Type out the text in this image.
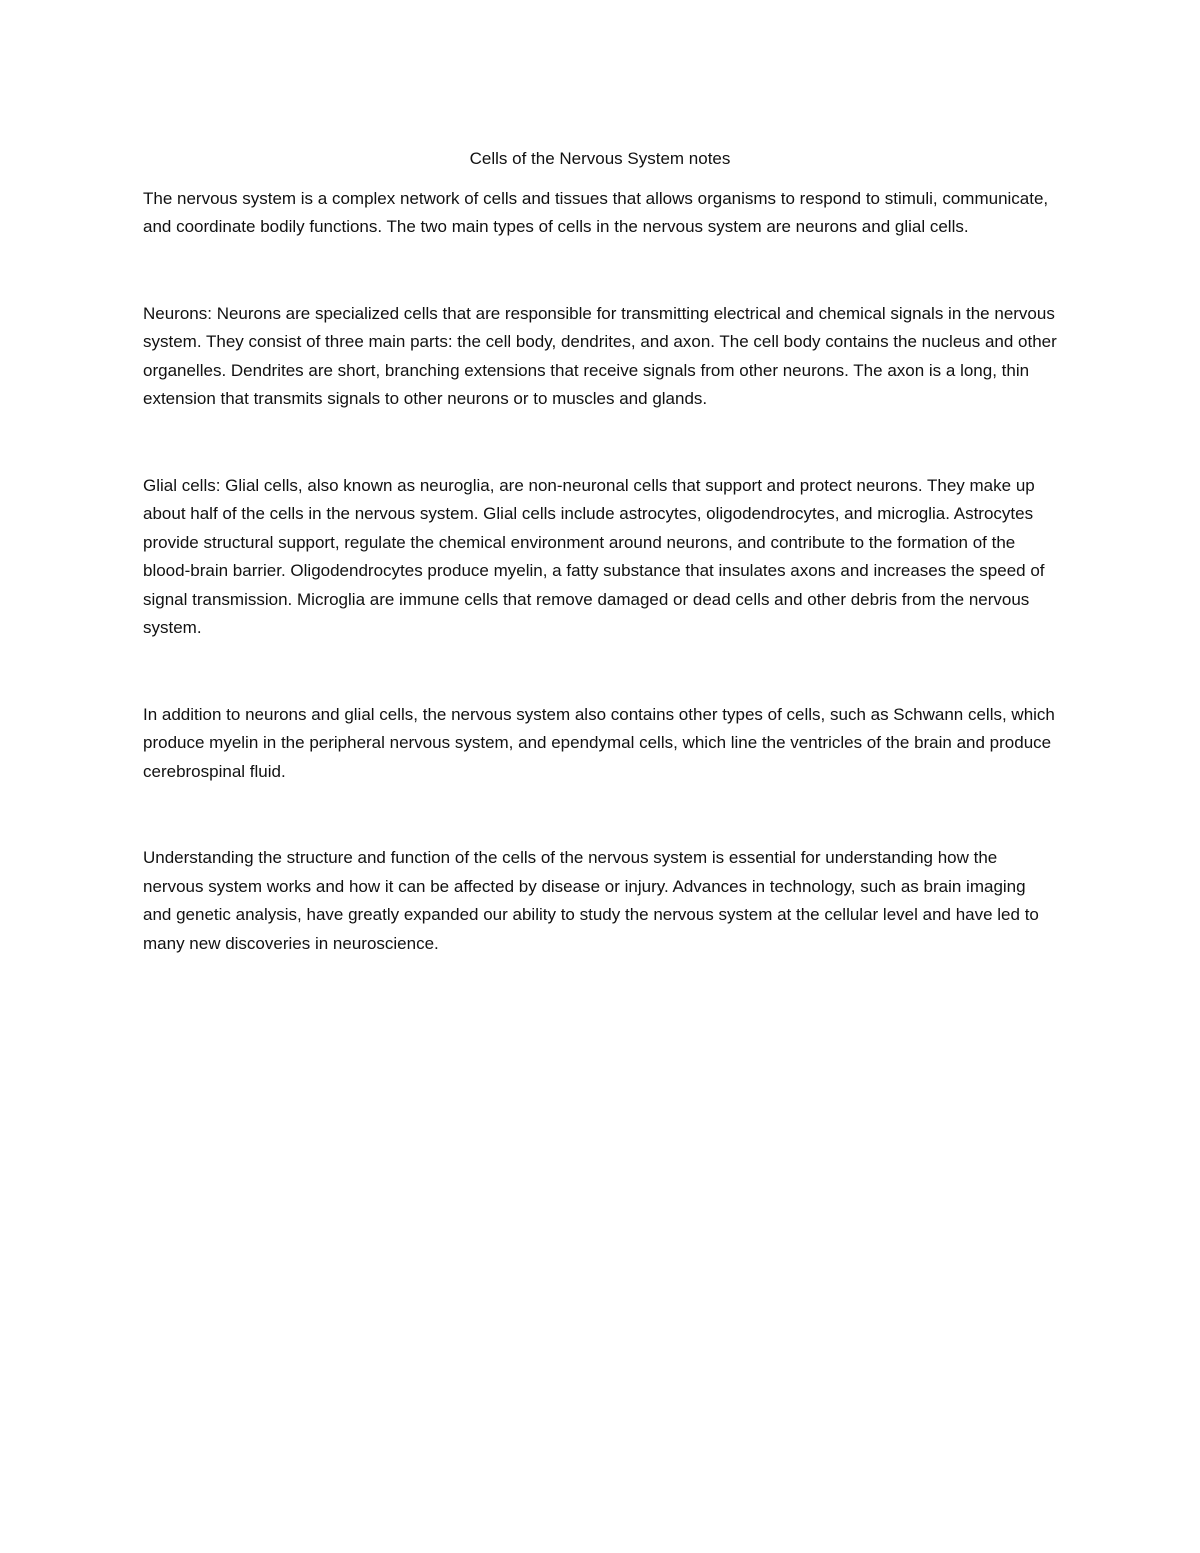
Cells of the Nervous System notes

The nervous system is a complex network of cells and tissues that allows organisms to respond to stimuli, communicate, and coordinate bodily functions. The two main types of cells in the nervous system are neurons and glial cells.

Neurons: Neurons are specialized cells that are responsible for transmitting electrical and chemical signals in the nervous system. They consist of three main parts: the cell body, dendrites, and axon. The cell body contains the nucleus and other organelles. Dendrites are short, branching extensions that receive signals from other neurons. The axon is a long, thin extension that transmits signals to other neurons or to muscles and glands.

Glial cells: Glial cells, also known as neuroglia, are non-neuronal cells that support and protect neurons. They make up about half of the cells in the nervous system. Glial cells include astrocytes, oligodendrocytes, and microglia. Astrocytes provide structural support, regulate the chemical environment around neurons, and contribute to the formation of the blood-brain barrier. Oligodendrocytes produce myelin, a fatty substance that insulates axons and increases the speed of signal transmission. Microglia are immune cells that remove damaged or dead cells and other debris from the nervous system.

In addition to neurons and glial cells, the nervous system also contains other types of cells, such as Schwann cells, which produce myelin in the peripheral nervous system, and ependymal cells, which line the ventricles of the brain and produce cerebrospinal fluid.

Understanding the structure and function of the cells of the nervous system is essential for understanding how the nervous system works and how it can be affected by disease or injury. Advances in technology, such as brain imaging and genetic analysis, have greatly expanded our ability to study the nervous system at the cellular level and have led to many new discoveries in neuroscience.
